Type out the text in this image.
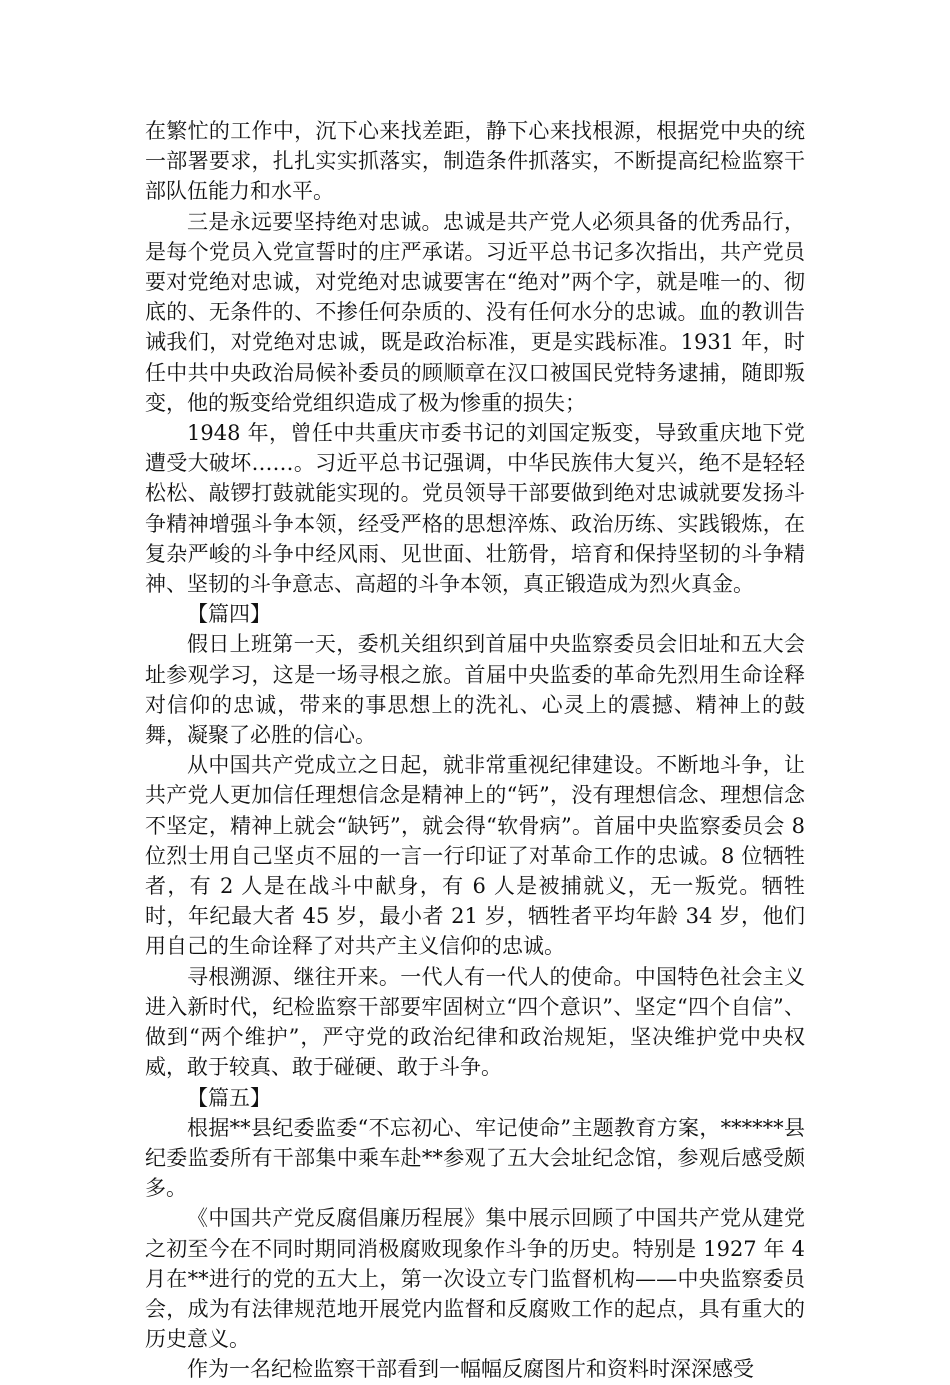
在繁忙的工作中，沉下心来找差距，静下心来找根源，根据党中央的统一部署要求，扎扎实实抓落实，制造条件抓落实，不断提高纪检监察干部队伍能力和水平。

三是永远要坚持绝对忠诚。忠诚是共产党人必须具备的优秀品行，是每个党员入党宣誓时的庄严承诺。习近平总书记多次指出，共产党员要对党绝对忠诚，对党绝对忠诚要害在“绝对”两个字，就是唯一的、彻底的、无条件的、不掺任何杂质的、没有任何水分的忠诚。血的教训告诫我们，对党绝对忠诚，既是政治标准，更是实践标准。1931 年，时任中共中央政治局候补委员的顾顺章在汉口被国民党特务逮捕，随即叛变，他的叛变给党组织造成了极为惨重的损失；

1948 年，曾任中共重庆市委书记的刘国定叛变，导致重庆地下党遭受大破坏……。习近平总书记强调，中华民族伟大复兴，绝不是轻轻松松、敲锣打鼓就能实现的。党员领导干部要做到绝对忠诚就要发扬斗争精神增强斗争本领，经受严格的思想淬炼、政治历练、实践锻炼，在复杂严峻的斗争中经风雨、见世面、壮筋骨，培育和保持坚韧的斗争精神、坚韧的斗争意志、高超的斗争本领，真正锻造成为烈火真金。

【篇四】

假日上班第一天，委机关组织到首届中央监察委员会旧址和五大会址参观学习，这是一场寻根之旅。首届中央监委的革命先烈用生命诠释对信仰的忠诚，带来的事思想上的洗礼、心灵上的震撼、精神上的鼓舞，凝聚了必胜的信心。

从中国共产党成立之日起，就非常重视纪律建设。不断地斗争，让共产党人更加信任理想信念是精神上的“钙”，没有理想信念、理想信念不坚定，精神上就会“缺钙”，就会得“软骨病”。首届中央监察委员会 8 位烈士用自己坚贞不屈的一言一行印证了对革命工作的忠诚。8 位牺牲者，有 2 人是在战斗中献身，有 6 人是被捕就义，无一叛党。牺牲时，年纪最大者 45 岁，最小者 21 岁，牺牲者平均年龄 34 岁，他们用自己的生命诠释了对共产主义信仰的忠诚。

寻根溯源、继往开来。一代人有一代人的使命。中国特色社会主义进入新时代，纪检监察干部要牢固树立“四个意识”、坚定“四个自信”、做到“两个维护”，严守党的政治纪律和政治规矩，坚决维护党中央权威，敢于较真、敢于碰硬、敢于斗争。

【篇五】

根据**县纪委监委“不忘初心、牢记使命”主题教育方案，******县纪委监委所有干部集中乘车赴**参观了五大会址纪念馆，参观后感受颇多。

《中国共产党反腐倡廉历程展》集中展示回顾了中国共产党从建党之初至今在不同时期同消极腐败现象作斗争的历史。特别是 1927 年 4 月在**进行的党的五大上，第一次设立专门监督机构——中央监察委员会，成为有法律规范地开展党内监督和反腐败工作的起点，具有重大的历史意义。

作为一名纪检监察干部看到一幅幅反腐图片和资料时深深感受
